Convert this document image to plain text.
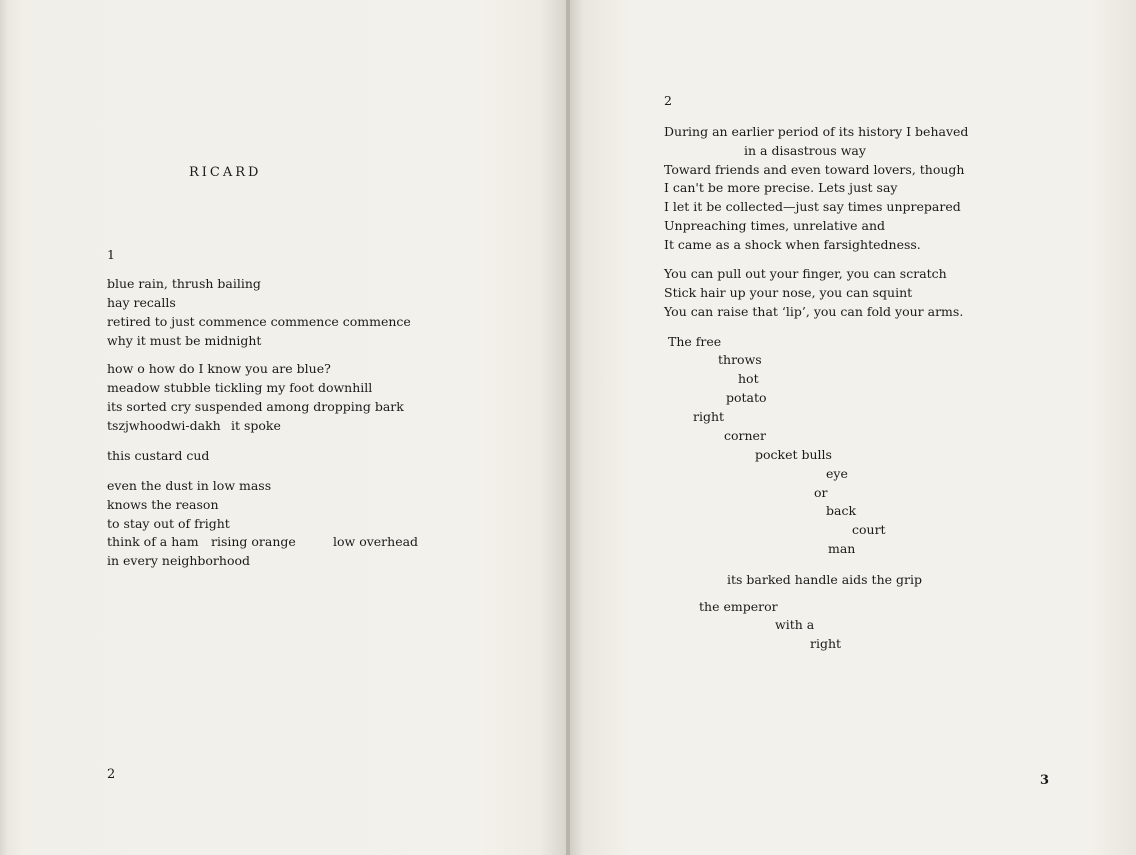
RICARD
1
blue rain, thrush bailing
hay recalls
retired to just commence commence commence
why it must be midnight
how o how do I know you are blue?
meadow stubble tickling my foot downhill
its sorted cry suspended among dropping bark
tszjwhoodwi-dakh it spoke
this custard cud
even the dust in low mass
knows the reason
to stay out of fright
think of a ham rising orange	low overhead
in every neighborhood
2
2
During an earlier period of its history I behaved
in a disastrous way
Toward friends and even toward lovers, though
I can't be more precise. Lets just say
I let it be collected—just say times unprepared
Unpreaching times, unrelative and
It came as a shock when farsightedness.
You can pull out your finger, you can scratch
Stick hair up your nose, you can squint
You can raise that ‘lip’, you can fold your arms.
The free
throws
hot
potato
right
corner
pocket bulls
eye
or
back
court
man
its barked handle aids the grip
the emperor
with a
right
3
